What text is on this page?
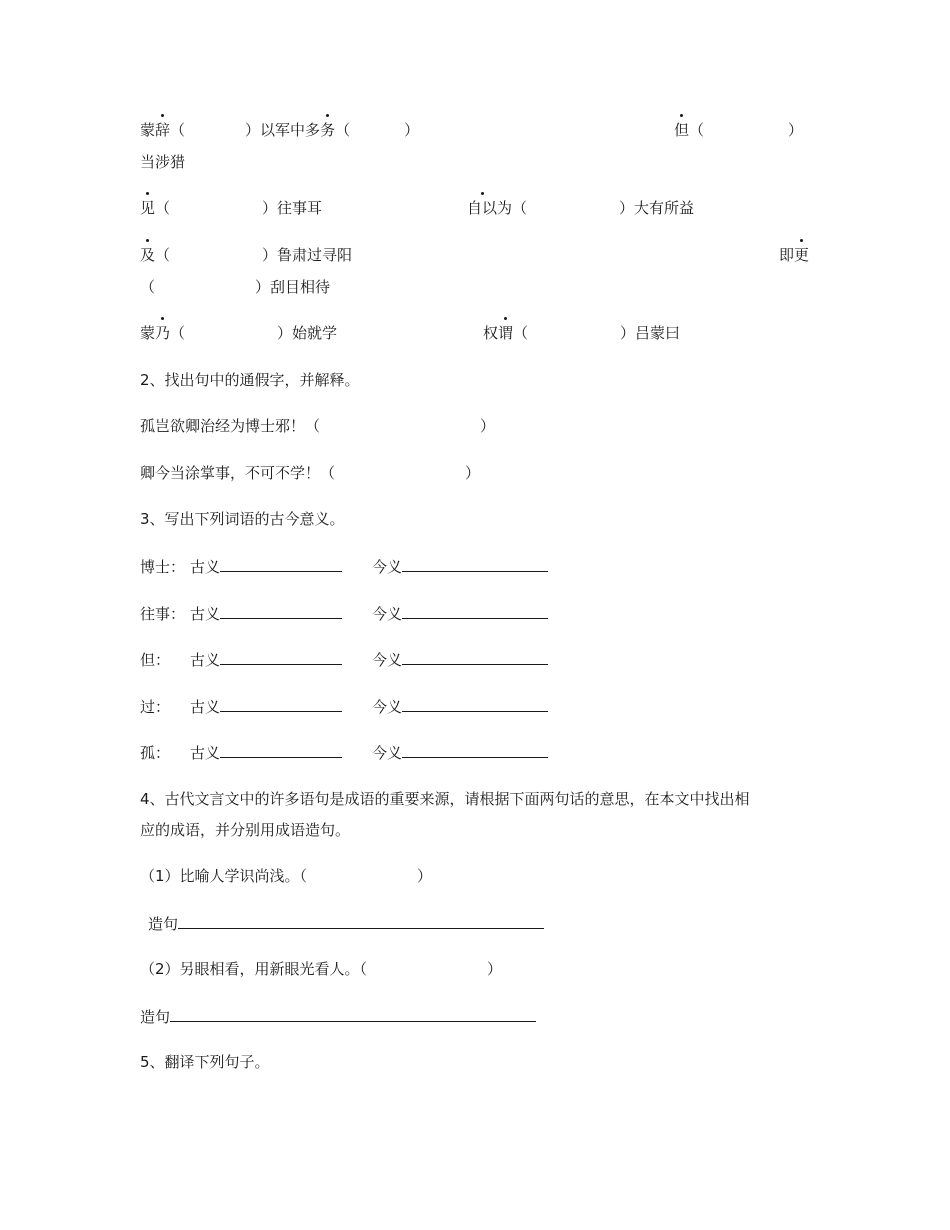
蒙辞（	）以军中多务（	）	但（	）
当涉猎
见（	）往事耳	自以为（	）大有所益
及（	）鲁肃过寻阳	即更
（	）刮目相待
蒙乃（	）始就学	权谓（	）吕蒙曰
2、找出句中的通假字，并解释。
孤岂欲卿治经为博士邪！（	）
卿今当涂掌事，不可不学！（	）
3、写出下列词语的古今意义。
博士： 古义	今义
往事： 古义	今义
但： 古义	今义
过： 古义	今义
孤： 古义	今义
4、古代文言文中的许多语句是成语的重要来源，请根据下面两句话的意思，在本文中找出相
应的成语，并分别用成语造句。
（1）比喻人学识尚浅。（	）
造句
（2）另眼相看，用新眼光看人。（	）
造句
5、翻译下列句子。
